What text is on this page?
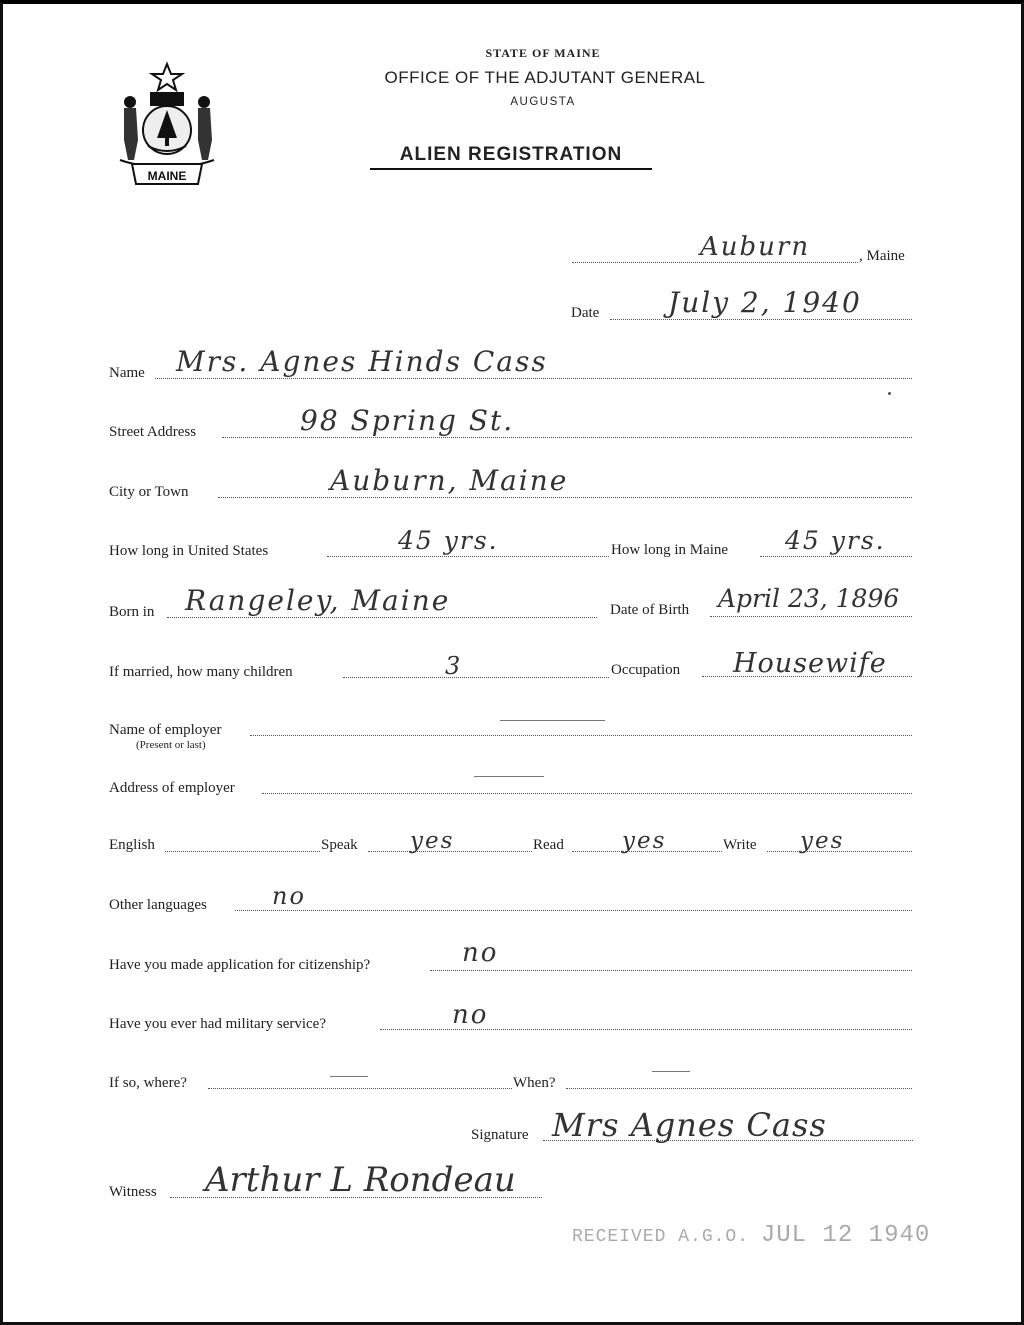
MAINE
STATE OF MAINE
OFFICE OF THE ADJUTANT GENERAL
AUGUSTA
ALIEN REGISTRATION
Auburn	, Maine
Date July 2, 1940
Name Mrs. Agnes Hinds Cass
Street Address	98 Spring St.
City or Town	Auburn, Maine
How long in United States	45 yrs.	How long in Maine 45 yrs.
Born in Rangeley, Maine	Date of Birth April 23, 1896
If married, how many children	3	Occupation Housewife
Name of employer
(Present or last)
Address of employer
English	Speak yes	Read	yes	Write yes
Other languages	no
Have you made application for citizenship?	no
Have you ever had military service?	no
If so, where?	When?
Signature Mrs Agnes Cass
Witness Arthur L Rondeau
RECEIVED A.G.O. JUL 12 1940
